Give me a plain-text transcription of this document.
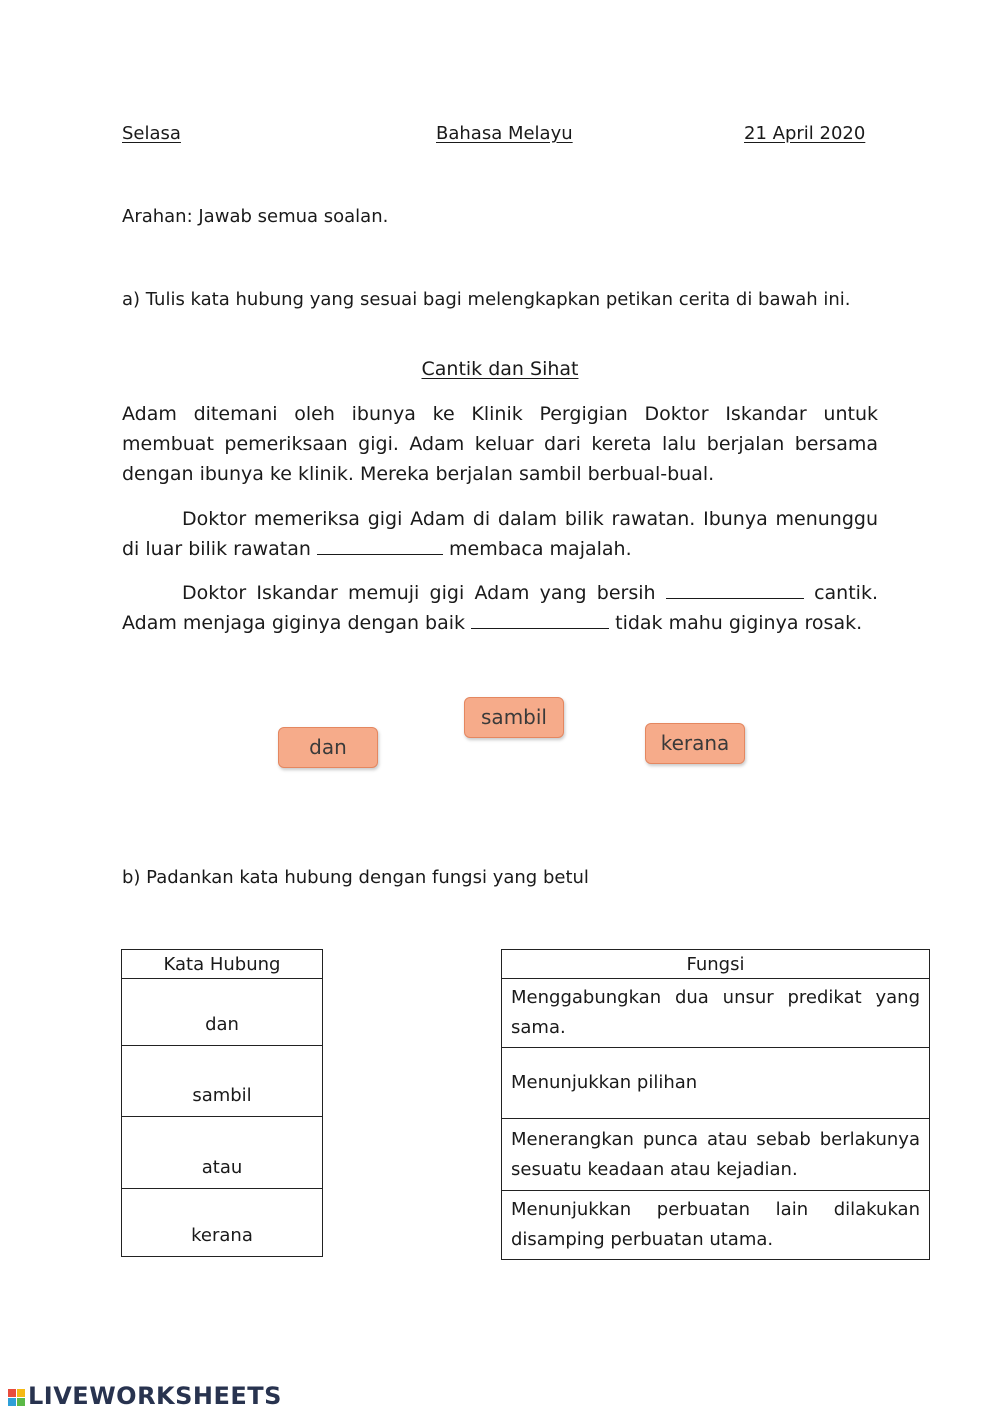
Selasa	Bahasa Melayu	21 April 2020
Arahan: Jawab semua soalan.
a) Tulis kata hubung yang sesuai bagi melengkapkan petikan cerita di bawah ini.
Cantik dan Sihat
Adam ditemani oleh ibunya ke Klinik Pergigian Doktor Iskandar untuk membuat pemeriksaan gigi. Adam keluar dari kereta lalu berjalan bersama dengan ibunya ke klinik. Mereka berjalan sambil berbual-bual.
Doktor memeriksa gigi Adam di dalam bilik rawatan. Ibunya menunggu di luar bilik rawatan	membaca majalah.
Doktor Iskandar memuji gigi Adam yang bersih	cantik. Adam menjaga giginya dengan baik	tidak mahu giginya rosak.
sambil
dan	kerana
b) Padankan kata hubung dengan fungsi yang betul
Kata Hubung
dan
sambil
atau
kerana
Fungsi
Menggabungkan dua unsur predikat yang sama.
Menunjukkan pilihan
Menerangkan punca atau sebab berlakunya sesuatu keadaan atau kejadian.
Menunjukkan perbuatan lain dilakukan disamping perbuatan utama.
LIVEWORKSHEETS
